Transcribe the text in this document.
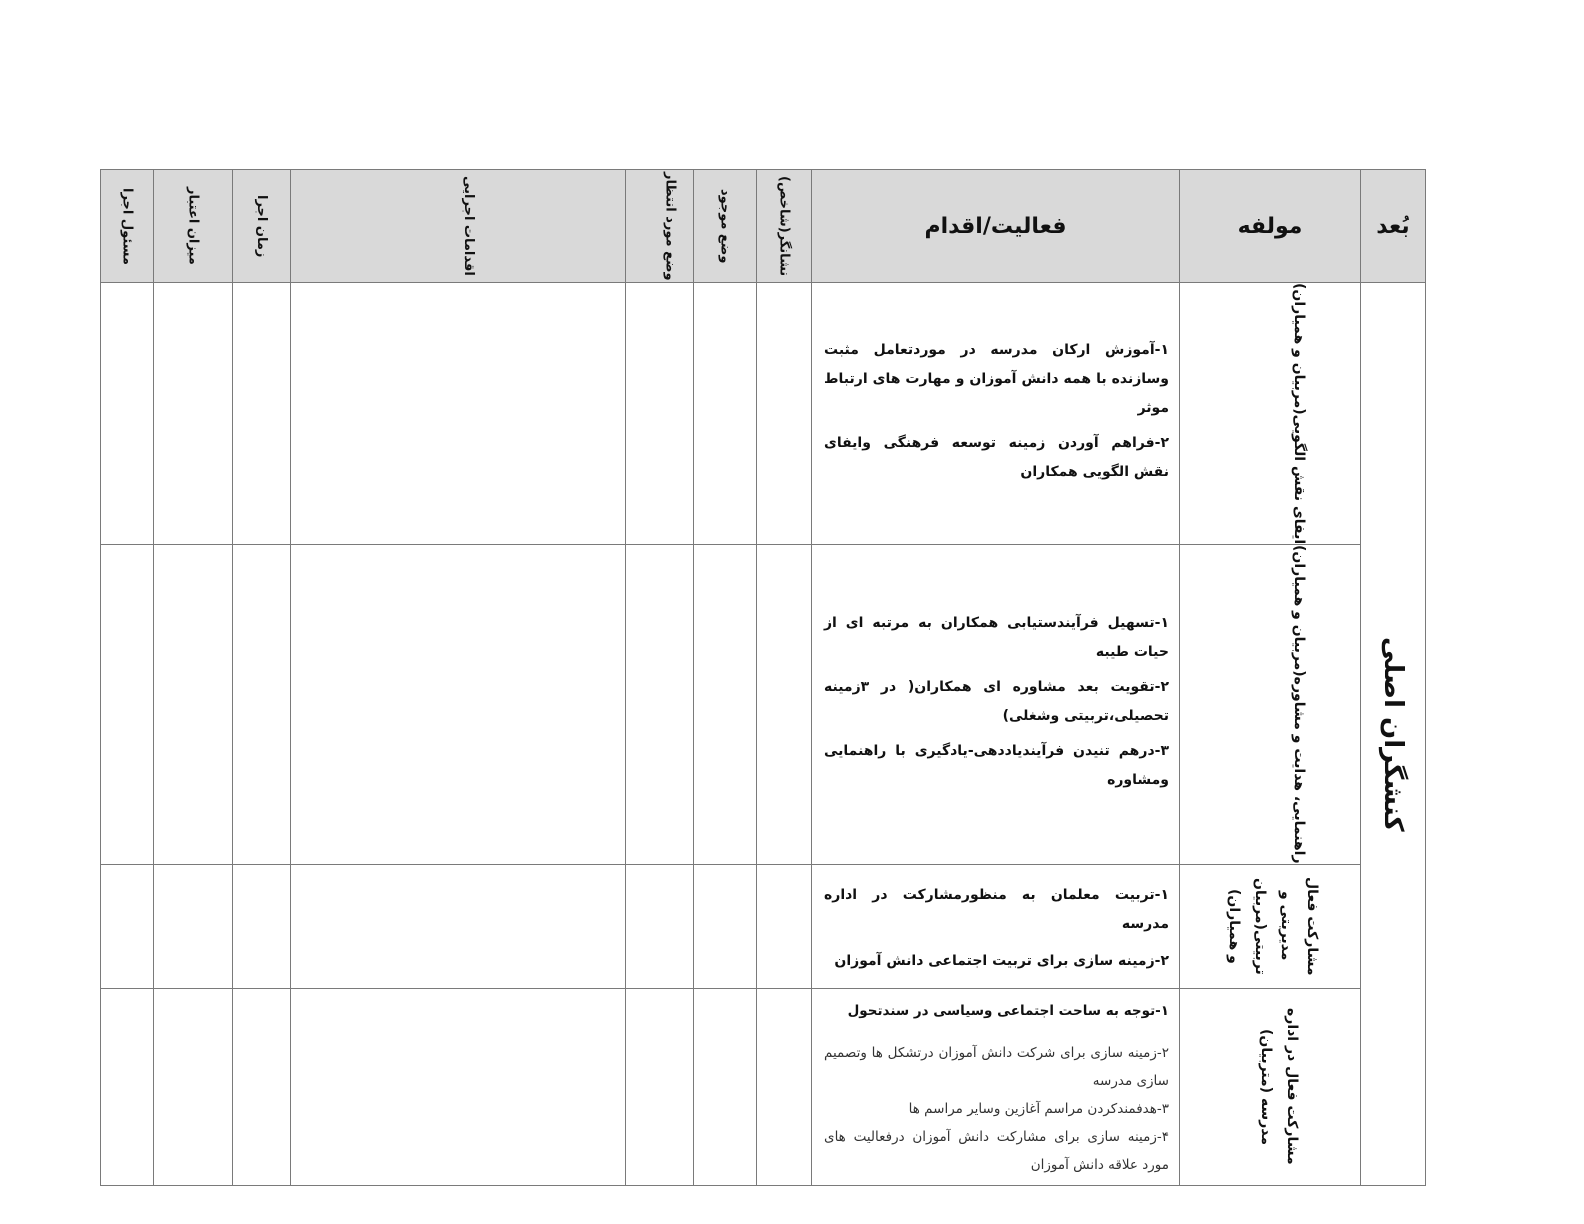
بُعد	مولفه	فعالیت/اقدام	نشانگر(شاخص)	وضع موجود	وضع مورد انتظار	اقدامات اجرایی	زمان اجرا	میزان اعتبار	مسئول اجرا

کنشگران اصلی	ایفای نقش الگویی(مربیان و همیاران)	۱-آموزش ارکان مدرسه در موردتعامل مثبت وسازنده با همه دانش آموزان و مهارت های ارتباط موثر

۲-فراهم آوردن زمینه توسعه فرهنگی وایفای نقش الگویی همکاران							

	راهنمایی، هدایت و مشاوره(مربیان و همیاران)	۱-تسهیل فرآیندستیابی همکاران به مرتبه ای از حیات طیبه

۲-تقویت بعد مشاوره ای همکاران( در ۳زمینه تحصیلی،تربیتی وشغلی)

۳-درهم تنیدن فرآیندیاددهی-یادگیری با راهنمایی ومشاوره							

	مشارکت فعال مدیریتی و تربیتی(مربیان و همیاران)	۱-تربیت معلمان به منظورمشارکت در اداره مدرسه

۲-زمینه سازی برای تربیت اجتماعی دانش آموزان							

	مشارکت فعال در اداره مدرسه (متربیان)	۱-توجه به ساحت اجتماعی وسیاسی در سندتحول

۲-زمینه سازی برای شرکت دانش آموزان درتشکل ها وتصمیم سازی مدرسه

۳-هدفمندکردن مراسم آغازین وسایر مراسم ها

۴-زمینه سازی برای مشارکت دانش آموزان درفعالیت های مورد علاقه دانش آموزان							
